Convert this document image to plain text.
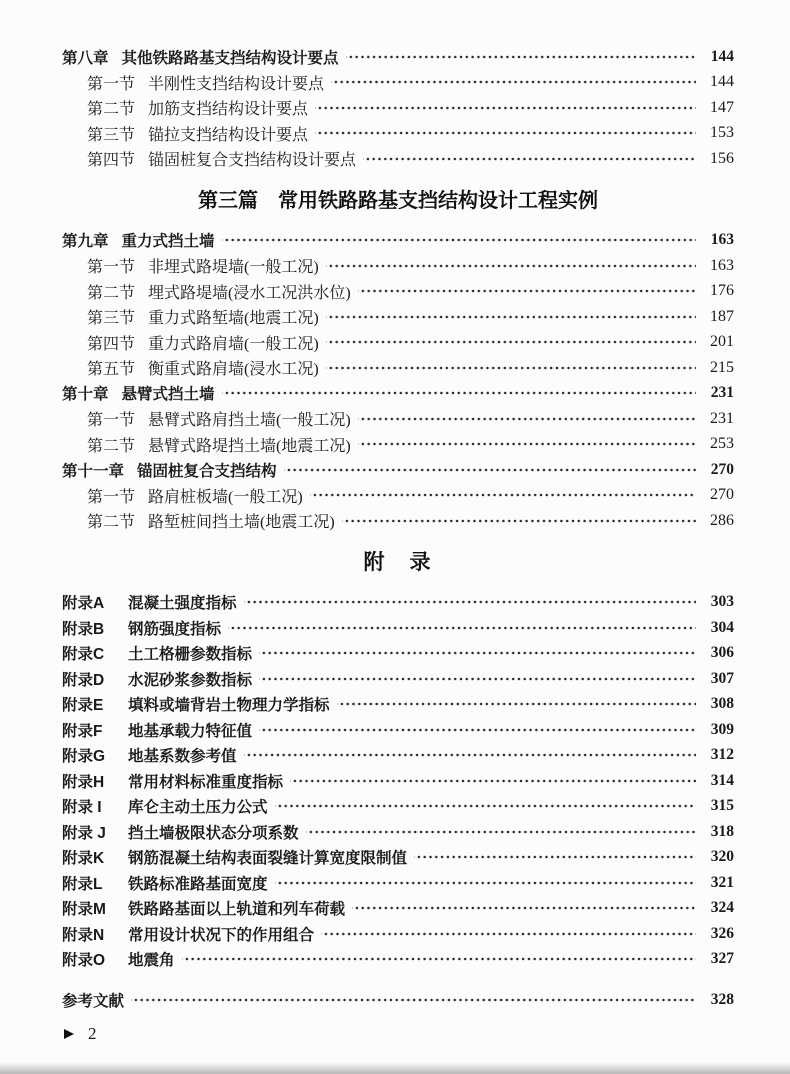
第八章 其他铁路路基支挡结构设计要点	144
第一节 半刚性支挡结构设计要点	144
第二节 加筋支挡结构设计要点	147
第三节 锚拉支挡结构设计要点	153
第四节 锚固桩复合支挡结构设计要点	156
第三篇　常用铁路路基支挡结构设计工程实例
第九章 重力式挡土墙	163
第一节 非埋式路堤墙(一般工况)	163
第二节 埋式路堤墙(浸水工况洪水位)	176
第三节 重力式路堑墙(地震工况)	187
第四节 重力式路肩墙(一般工况)	201
第五节 衡重式路肩墙(浸水工况)	215
第十章 悬臂式挡土墙	231
第一节 悬臂式路肩挡土墙(一般工况)	231
第二节 悬臂式路堤挡土墙(地震工况)	253
第十一章 锚固桩复合支挡结构	270
第一节 路肩桩板墙(一般工况)	270
第二节 路堑桩间挡土墙(地震工况)	286
附　录
附录A	混凝土强度指标	303
附录B	钢筋强度指标	304
附录C	土工格栅参数指标	306
附录D	水泥砂浆参数指标	307
附录E	填料或墙背岩土物理力学指标	308
附录F	地基承载力特征值	309
附录G	地基系数参考值	312
附录H	常用材料标准重度指标	314
附录 I	库仑主动土压力公式	315
附录 J	挡土墙极限状态分项系数	318
附录K	钢筋混凝土结构表面裂缝计算宽度限制值	320
附录L	铁路标准路基面宽度	321
附录M	铁路路基面以上轨道和列车荷载	324
附录N	常用设计状况下的作用组合	326
附录O	地震角	327
参考文献	328
2
